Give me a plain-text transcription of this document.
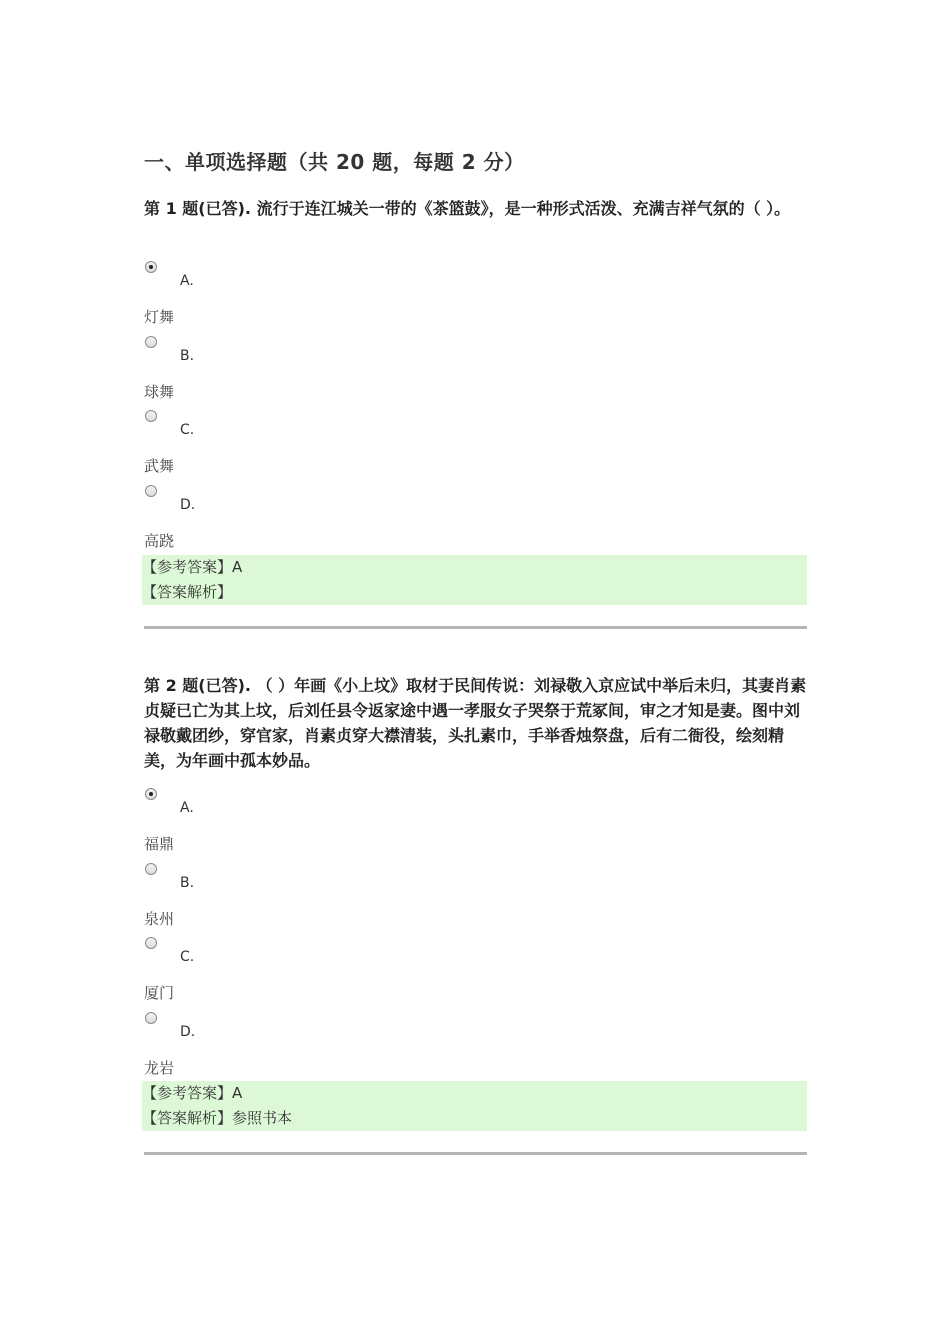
一、单项选择题（共 20 题，每题 2 分）

第 1 题(已答). 流行于连江城关一带的《茶篮鼓》，是一种形式活泼、充满吉祥气氛的（ ）。

A.
灯舞
B.
球舞
C.
武舞
D.
高跷
【参考答案】A
【答案解析】

第 2 题(已答). （ ）年画《小上坟》取材于民间传说：刘禄敬入京应试中举后未归，其妻肖素贞疑已亡为其上坟，后刘任县令返家途中遇一孝服女子哭祭于荒冢间，审之才知是妻。图中刘禄敬戴团纱，穿官家，肖素贞穿大襟清装，头扎素巾，手举香烛祭盘，后有二衙役，绘刻精美，为年画中孤本妙品。

A.
福鼎
B.
泉州
C.
厦门
D.
龙岩
【参考答案】A
【答案解析】参照书本
